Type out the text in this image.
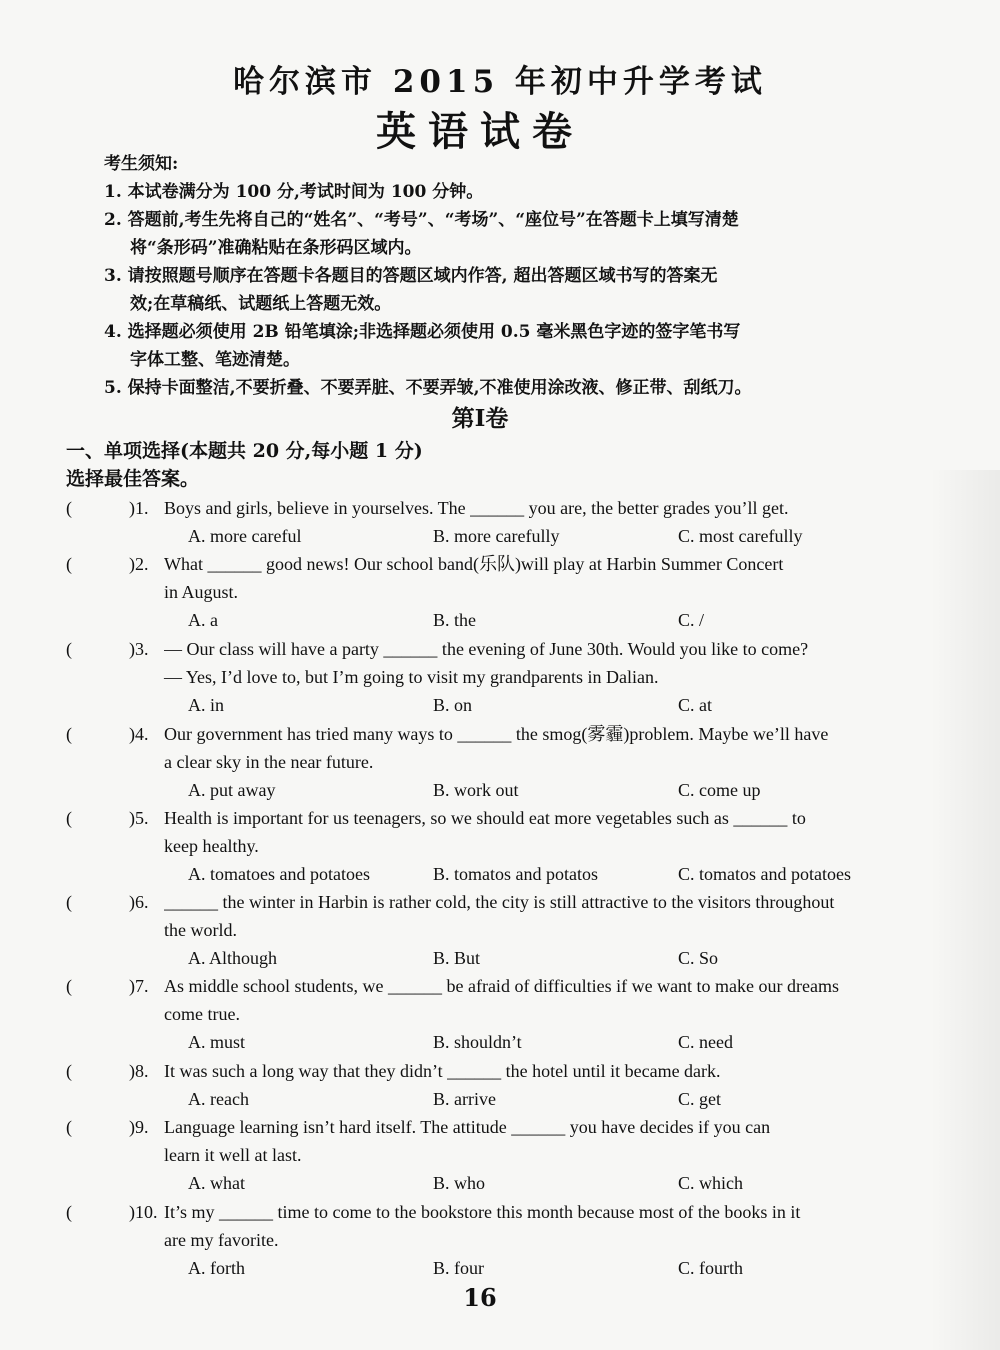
哈尔滨市 2015 年初中升学考试
英语试卷
考生须知:
1. 本试卷满分为 100 分,考试时间为 100 分钟。
2. 答题前,考生先将自己的“姓名”、“考号”、“考场”、“座位号”在答题卡上填写清楚
将“条形码”准确粘贴在条形码区域内。
3. 请按照题号顺序在答题卡各题目的答题区域内作答, 超出答题区域书写的答案无
效;在草稿纸、试题纸上答题无效。
4. 选择题必须使用 2B 铅笔填涂;非选择题必须使用 0.5 毫米黑色字迹的签字笔书写
字体工整、笔迹清楚。
5. 保持卡面整洁,不要折叠、不要弄脏、不要弄皱,不准使用涂改液、修正带、刮纸刀。
第Ⅰ卷
一、单项选择(本题共 20 分,每小题 1 分)
选择最佳答案。
(	)1. Boys and girls, believe in yourselves. The ______ you are, the better grades you’ll get.
A. more careful	B. more carefully	C. most carefully
(	)2. What ______ good news! Our school band(乐队)will play at Harbin Summer Concert
in August.
A. a	B. the	C. /
(	)3. — Our class will have a party ______ the evening of June 30th. Would you like to come?
— Yes, I’d love to, but I’m going to visit my grandparents in Dalian.
A. in	B. on	C. at
(	)4. Our government has tried many ways to ______ the smog(雾霾)problem. Maybe we’ll have
a clear sky in the near future.
A. put away	B. work out	C. come up
(	)5. Health is important for us teenagers, so we should eat more vegetables such as ______ to
keep healthy.
A. tomatoes and potatoes	B. tomatos and potatos	C. tomatos and potatoes
(	)6. ______ the winter in Harbin is rather cold, the city is still attractive to the visitors throughout
the world.
A. Although	B. But	C. So
(	)7. As middle school students, we ______ be afraid of difficulties if we want to make our dreams
come true.
A. must	B. shouldn’t	C. need
(	)8. It was such a long way that they didn’t ______ the hotel until it became dark.
A. reach	B. arrive	C. get
(	)9. Language learning isn’t hard itself. The attitude ______ you have decides if you can
learn it well at last.
A. what	B. who	C. which
(	)10. It’s my ______ time to come to the bookstore this month because most of the books in it
are my favorite.
A. forth	B. four	C. fourth
16
